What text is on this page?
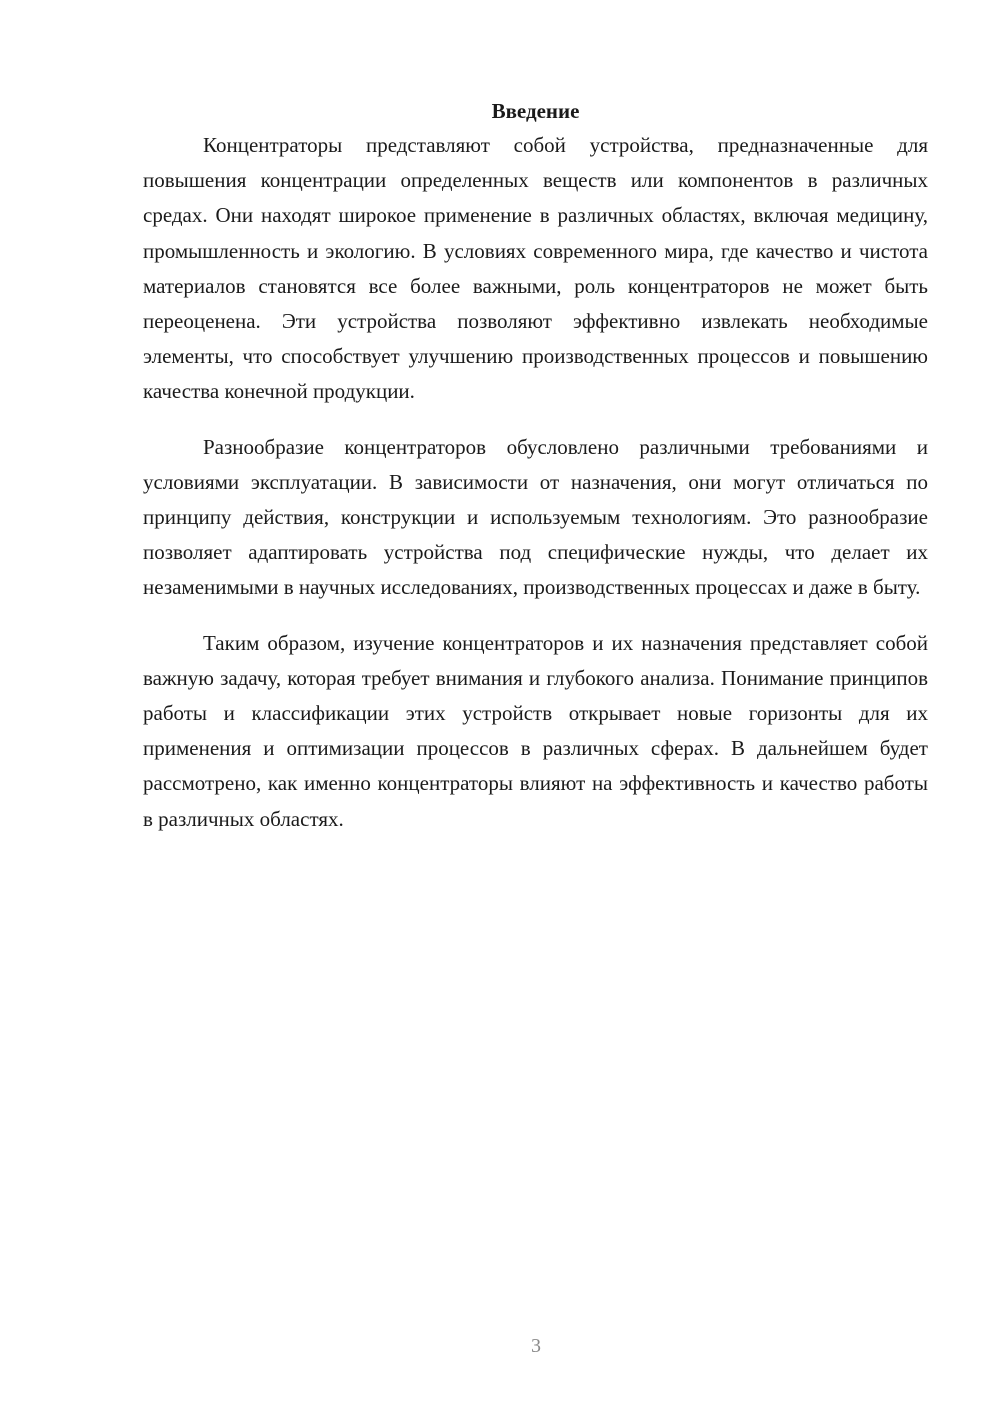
Введение

Концентраторы представляют собой устройства, предназначенные для повышения концентрации определенных веществ или компонентов в различных средах. Они находят широкое применение в различных областях, включая медицину, промышленность и экологию. В условиях современного мира, где качество и чистота материалов становятся все более важными, роль концентраторов не может быть переоценена. Эти устройства позволяют эффективно извлекать необходимые элементы, что способствует улучшению производственных процессов и повышению качества конечной продукции.

Разнообразие концентраторов обусловлено различными требованиями и условиями эксплуатации. В зависимости от назначения, они могут отличаться по принципу действия, конструкции и используемым технологиям. Это разнообразие позволяет адаптировать устройства под специфические нужды, что делает их незаменимыми в научных исследованиях, производственных процессах и даже в быту.

Таким образом, изучение концентраторов и их назначения представляет собой важную задачу, которая требует внимания и глубокого анализа. Понимание принципов работы и классификации этих устройств открывает новые горизонты для их применения и оптимизации процессов в различных сферах. В дальнейшем будет рассмотрено, как именно концентраторы влияют на эффективность и качество работы в различных областях.

3
